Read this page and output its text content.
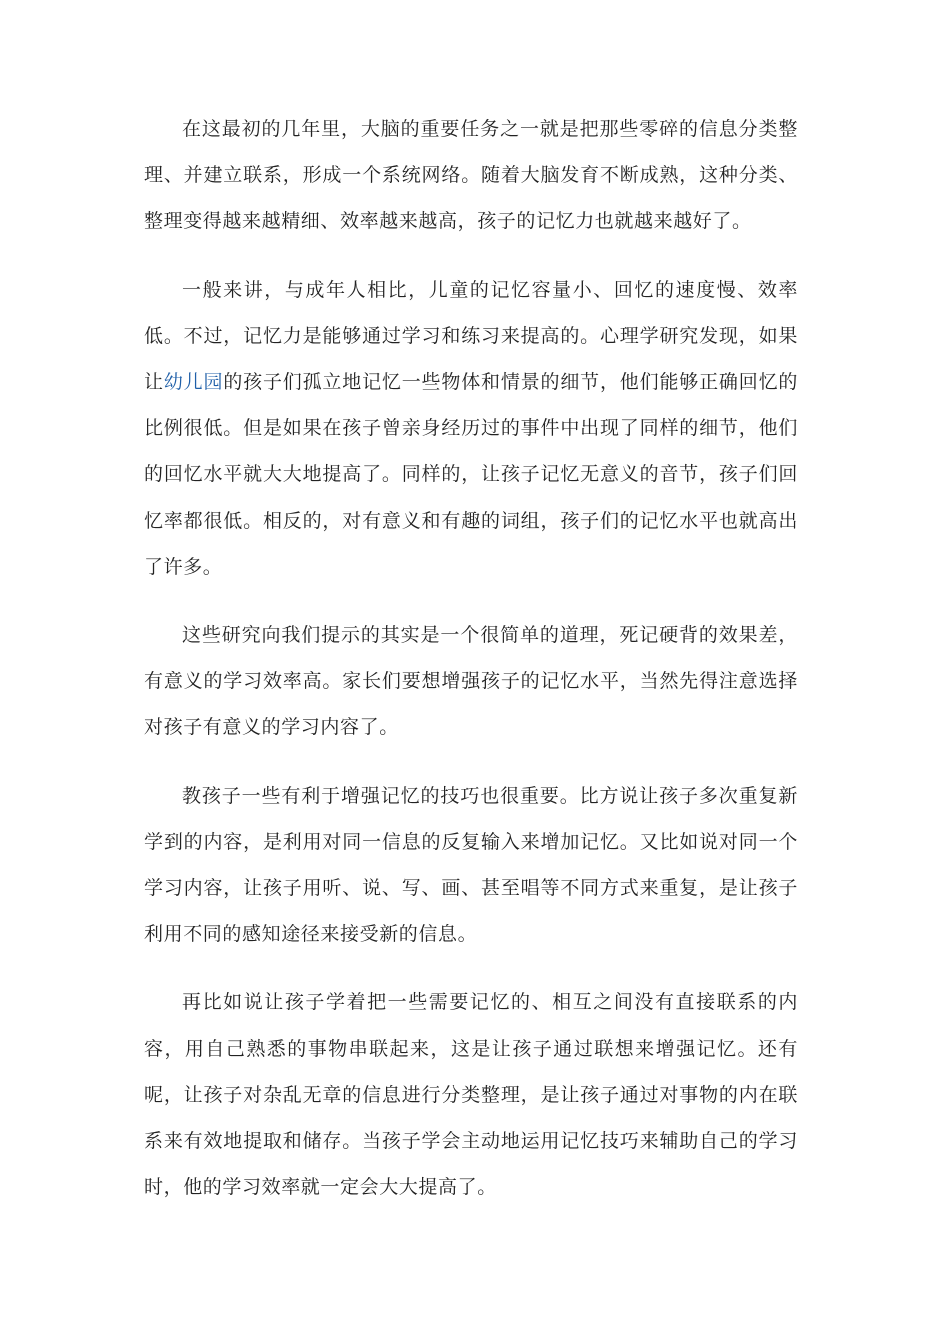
在这最初的几年里，大脑的重要任务之一就是把那些零碎的信息分类整理、并建立联系，形成一个系统网络。随着大脑发育不断成熟，这种分类、整理变得越来越精细、效率越来越高，孩子的记忆力也就越来越好了。

一般来讲，与成年人相比，儿童的记忆容量小、回忆的速度慢、效率低。不过，记忆力是能够通过学习和练习来提高的。心理学研究发现，如果让幼儿园的孩子们孤立地记忆一些物体和情景的细节，他们能够正确回忆的比例很低。但是如果在孩子曾亲身经历过的事件中出现了同样的细节，他们的回忆水平就大大地提高了。同样的，让孩子记忆无意义的音节，孩子们回忆率都很低。相反的，对有意义和有趣的词组，孩子们的记忆水平也就高出了许多。

这些研究向我们提示的其实是一个很简单的道理，死记硬背的效果差，有意义的学习效率高。家长们要想增强孩子的记忆水平，当然先得注意选择对孩子有意义的学习内容了。

教孩子一些有利于增强记忆的技巧也很重要。比方说让孩子多次重复新学到的内容，是利用对同一信息的反复输入来增加记忆。又比如说对同一个学习内容，让孩子用听、说、写、画、甚至唱等不同方式来重复，是让孩子利用不同的感知途径来接受新的信息。

再比如说让孩子学着把一些需要记忆的、相互之间没有直接联系的内容，用自己熟悉的事物串联起来，这是让孩子通过联想来增强记忆。还有呢，让孩子对杂乱无章的信息进行分类整理，是让孩子通过对事物的内在联系来有效地提取和储存。当孩子学会主动地运用记忆技巧来辅助自己的学习时，他的学习效率就一定会大大提高了。
